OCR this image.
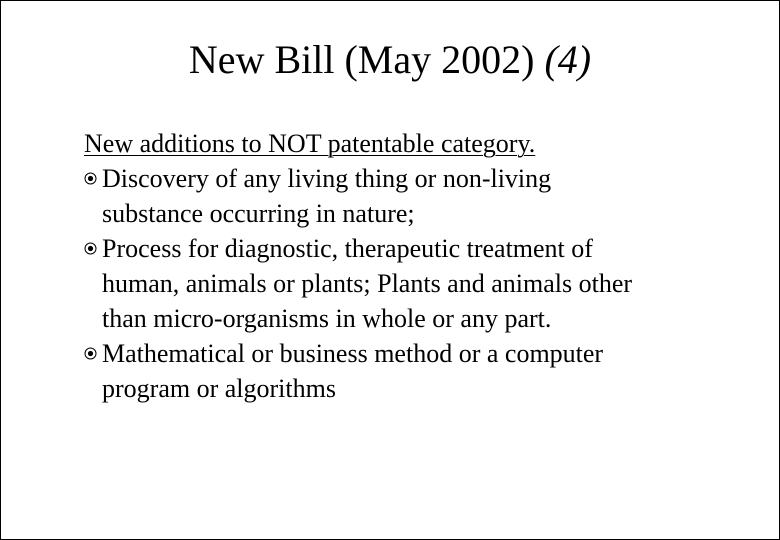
New Bill (May 2002) (4)
New additions to NOT patentable category.
Discovery of any living thing or non-living
substance occurring in nature;
Process for diagnostic, therapeutic treatment of
human, animals or plants; Plants and animals other
than micro-organisms in whole or any part.
Mathematical or business method or a computer
program or algorithms
